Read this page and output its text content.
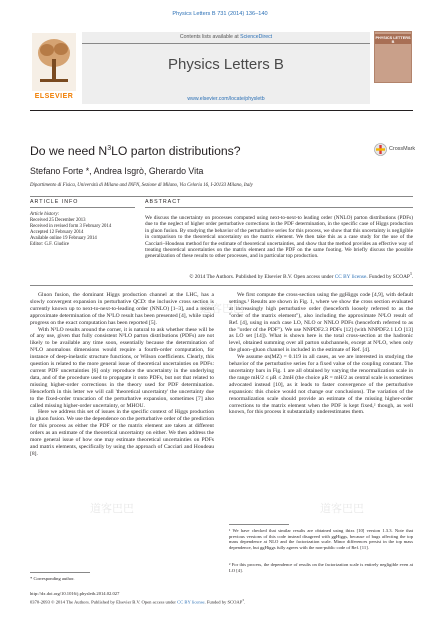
Physics Letters B 731 (2014) 136–140
道客巴巴
道客巴巴	道客巴巴
ELSEVIER
Contents lists available at ScienceDirect
Physics Letters B
www.elsevier.com/locate/physletb
PHYSICS LETTERS B
Do we need $N^3LO$ parton distributions?	CrossMark
Stefano Forte *, Andrea Isgrò, Gherardo Vita
Dipartimento di Fisica, Università di Milano and INFN, Sezione di Milano, Via Celoria 16, I-20133 Milano, Italy
ARTICLE INFO
Article history:
Received 25 December 2013
Received in revised form 3 February 2014
Accepted 12 February 2014
Available online 19 February 2014
Editor: G.F. Giudice
ABSTRACT
We discuss the uncertainty on processes computed using next-to-next-to leading order (NNLO) parton distributions (PDFs) due to the neglect of higher order perturbative corrections in the PDF determination, in the specific case of Higgs production in gluon fusion. By studying the behavior of the perturbative series for this process, we show that this uncertainty is negligible in comparison to the theoretical uncertainty on the matrix element. We then take this as a case study for the use of the Cacciari–Houdeau method for the estimate of theoretical uncertainties, and show that the method provides an effective way of treating theoretical uncertainties on the matrix element and the PDF on the same footing. We briefly discuss the possible generalization of these results to other processes, and in particular top production.
© 2014 The Authors. Published by Elsevier B.V. Open access under CC BY license. Funded by SCOAP$^3$.

Gluon fusion, the dominant Higgs production channel at the LHC, has a slowly convergent expansion in perturbative QCD: the inclusive cross section is currently known up to next-to-next-to-leading order (NNLO) [1–3], and a recent approximate determination of the N³LO result has been presented [4], while rapid progress on the exact computation has been reported [5].

With N³LO results around the corner, it is natural to ask whether these will be of any use, given that fully consistent N³LO parton distributions (PDFs) are not likely to be available any time soon, essentially because the determination of N³LO anomalous dimensions would require a fourth-order computation, for instance of deep-inelastic structure functions, or Wilson coefficients. Clearly, this question is related to the more general issue of theoretical uncertainties on PDFs: current PDF uncertainties [6] only reproduce the uncertainty in the underlying data, and of the procedure used to propagate it onto PDFs, but not that related to missing higher-order corrections in the theory used for PDF determination. Henceforth in this letter we will call 'theoretical uncertainty' the uncertainty due to the fixed-order truncation of the perturbative expansion, sometimes [7] also called missing higher-order uncertainty, or MHOU.

Here we address this set of issues in the specific context of Higgs production in gluon fusion. We use the dependence on the perturbative order of the prediction for this process as either the PDF or the matrix element are taken at different orders as an estimate of the theoretical uncertainty on either. We then address the more general issue of how one may estimate theoretical uncertainties on PDFs and matrix elements, specifically by using the approach of Cacciari and Houdeau [8].

* Corresponding author.

We first compute the cross-section using the ggHiggs code [4,9], with default settings.¹ Results are shown in Fig. 1, where we show the cross section evaluated at increasingly high perturbative order (henceforth loosely referred to as the "order of the matrix element"), also including the approximate N³LO result of Ref. [4], using in each case LO, NLO or NNLO PDFs (henceforth referred to as the "order of the PDF"). We use NNPDF2.3 PDFs [12] (with NNPDF2.1 LO [13] as LO set [14]). What is shown here is the total cross-section at the hadronic level, obtained summing over all parton subchannels, except at N³LO, when only the gluon–gluon channel is included in the estimate of Ref. [4].

We assume αs(MZ) = 0.119 in all cases, as we are interested in studying the behavior of the perturbative series for a fixed value of the coupling constant. The uncertainty bars in Fig. 1 are all obtained by varying the renormalization scale in the range mH/2 ≤ μR ≤ 2mH (the choice μR = mH/2 as central scale is sometimes advocated instead [10], as it leads to faster convergence of the perturbative expansion: this choice would not change our conclusions). The variation of the renormalization scale should provide an estimate of the missing higher-order corrections to the matrix element when the PDF is kept fixed,² though, as well known, for this process it substantially underestimates them.

¹ We have checked that similar results are obtained using ihixs [10] version 1.3.3. Note that previous versions of this code instead disagreed with ggHiggs, because of bugs affecting the top mass dependence at NLO and the factorization scale. Minor differences persist in the top mass dependence, but ggHiggs fully agrees with the non-public code of Ref. [11].
² For this process, the dependence of results on the factorization scale is entirely negligible even at LO [4].
http://dx.doi.org/10.1016/j.physletb.2014.02.027
0370-2693 © 2014 The Authors. Published by Elsevier B.V. Open access under CC BY license. Funded by SCOAP$^3$.
